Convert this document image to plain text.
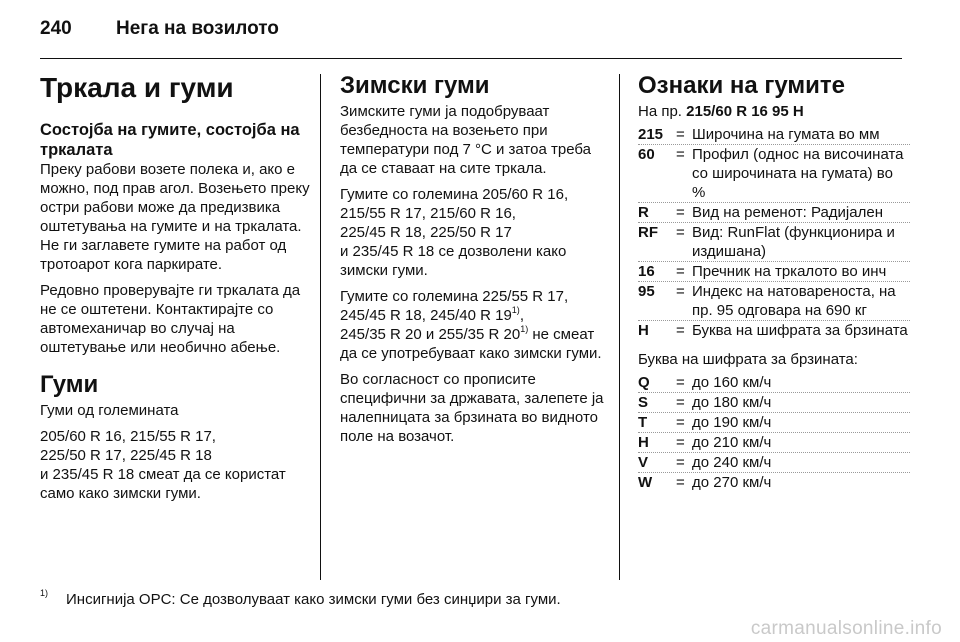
240 Нега на возилото
Тркала и гуми
Состојба на гумите, состојба на тркалата

Преку рабови возете полека и, ако е можно, под прав агол. Возењето преку остри рабови може да предизвика оштетувања на гумите и на тркалата. Не ги заглавете гумите на работ од тротоарот кога паркирате.

Редовно проверувајте ги тркалата да не се оштетени. Контактирајте со автомеханичар во случај на оштетување или необично абење.

Гуми

Гуми од големината

205/60 R 16, 215/55 R 17,
225/50 R 17, 225/45 R 18
и 235/45 R 18 смеат да се користат само како зимски гуми.

Зимски гуми

Зимските гуми ја подобруваат безбедноста на возењето при температури под 7 °C и затоа треба да се ставаат на сите тркала.

Гумите со големина 205/60 R 16,
215/55 R 17, 215/60 R 16,
225/45 R 18, 225/50 R 17
и 235/45 R 18 се дозволени како зимски гуми.

Гумите со големина 225/55 R 17,
245/45 R 18, 245/40 R 19$^{1)}$,
245/35 R 20 и 255/35 R 20$^{1)}$ не смеат да се употребуваат како зимски гуми.

Во согласност со прописите специфични за државата, залепете ја налепницата за брзината во видното поле на возачот.

Ознаки на гумите

На пр. 215/60 R 16 95 H

215 = Широчина на гумата во мм
60	= Профил (однос на височината со широчината на гумата) во %
R	= Вид на ременот: Радијален
RF	= Вид: RunFlat (функционира и издишана)
16	= Пречник на тркалото во инч
95	= Индекс на натовареноста, на пр. 95 одговара на 690 кг
H	= Буква на шифрата за брзината

Буква на шифрата за брзината:

Q	= до 160 км/ч
S	= до 180 км/ч
T	= до 190 км/ч
H	= до 210 км/ч
V	= до 240 км/ч
W	= до 270 км/ч
1) Инсигнија OPC: Се дозволуваат како зимски гуми без синџири за гуми.
carmanualsonline.info
